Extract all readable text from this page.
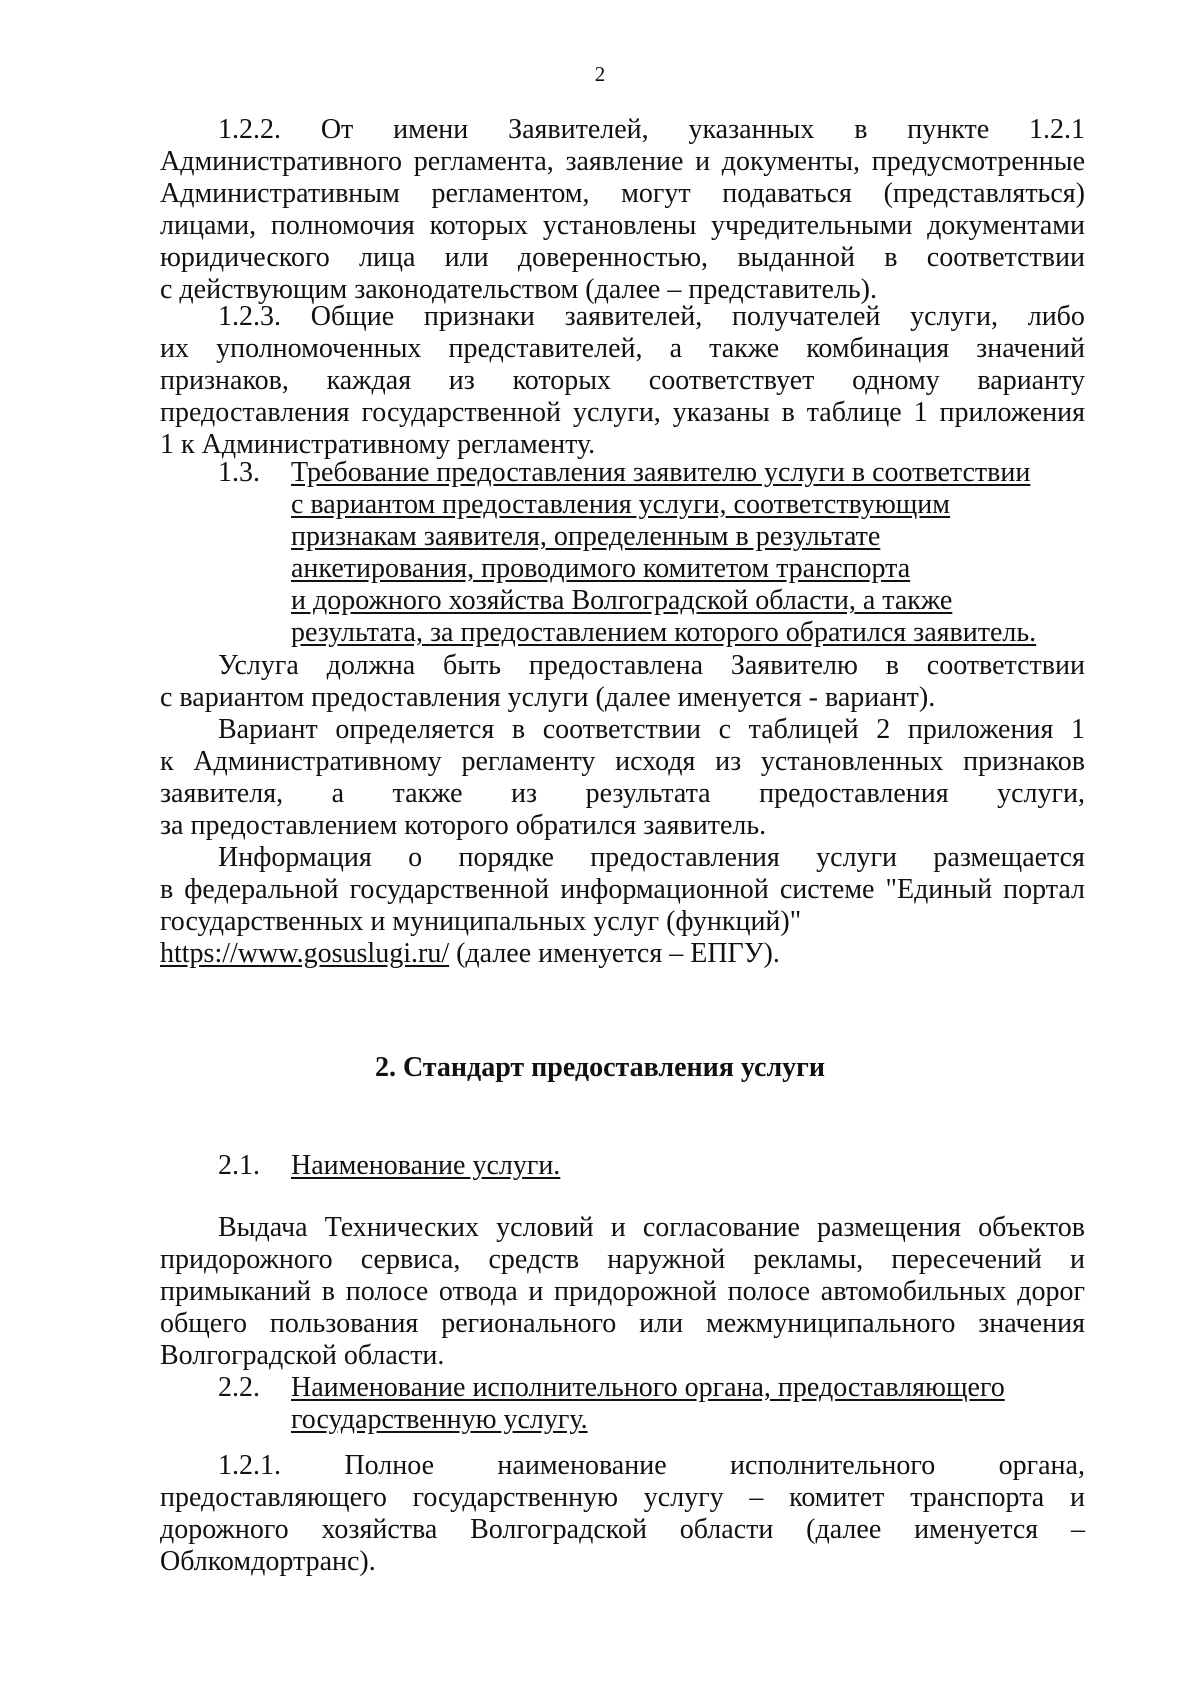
2
1.2.2. От имени Заявителей, указанных в пункте 1.2.1
Административного регламента, заявление и документы, предусмотренные
Административным регламентом, могут подаваться (представляться)
лицами, полномочия которых установлены учредительными документами
юридического лица или доверенностью, выданной в соответствии
с действующим законодательством (далее – представитель).
1.2.3. Общие признаки заявителей, получателей услуги, либо
их уполномоченных представителей, а также комбинация значений
признаков, каждая из которых соответствует одному варианту
предоставления государственной услуги, указаны в таблице 1 приложения
1 к Административному регламенту.
1.3. Требование предоставления заявителю услуги в соответствии
с вариантом предоставления услуги, соответствующим
признакам заявителя, определенным в результате
анкетирования, проводимого комитетом транспорта
и дорожного хозяйства Волгоградской области, а также
результата, за предоставлением которого обратился заявитель.
Услуга должна быть предоставлена Заявителю в соответствии
с вариантом предоставления услуги (далее именуется - вариант).
Вариант определяется в соответствии с таблицей 2 приложения 1
к Административному регламенту исходя из установленных признаков
заявителя, а также из результата предоставления услуги,
за предоставлением которого обратился заявитель.
Информация о порядке предоставления услуги размещается
в федеральной государственной информационной системе "Единый портал
государственных и муниципальных услуг (функций)"
https://www.gosuslugi.ru/ (далее именуется – ЕПГУ).
2. Стандарт предоставления услуги
2.1. Наименование услуги.
Выдача Технических условий и согласование размещения объектов
придорожного сервиса, средств наружной рекламы, пересечений и
примыканий в полосе отвода и придорожной полосе автомобильных дорог
общего пользования регионального или межмуниципального значения
Волгоградской области.
2.2. Наименование исполнительного органа, предоставляющего
государственную услугу.
1.2.1. Полное наименование исполнительного органа,
предоставляющего государственную услугу – комитет транспорта и
дорожного хозяйства Волгоградской области (далее именуется –
Облкомдортранс).
